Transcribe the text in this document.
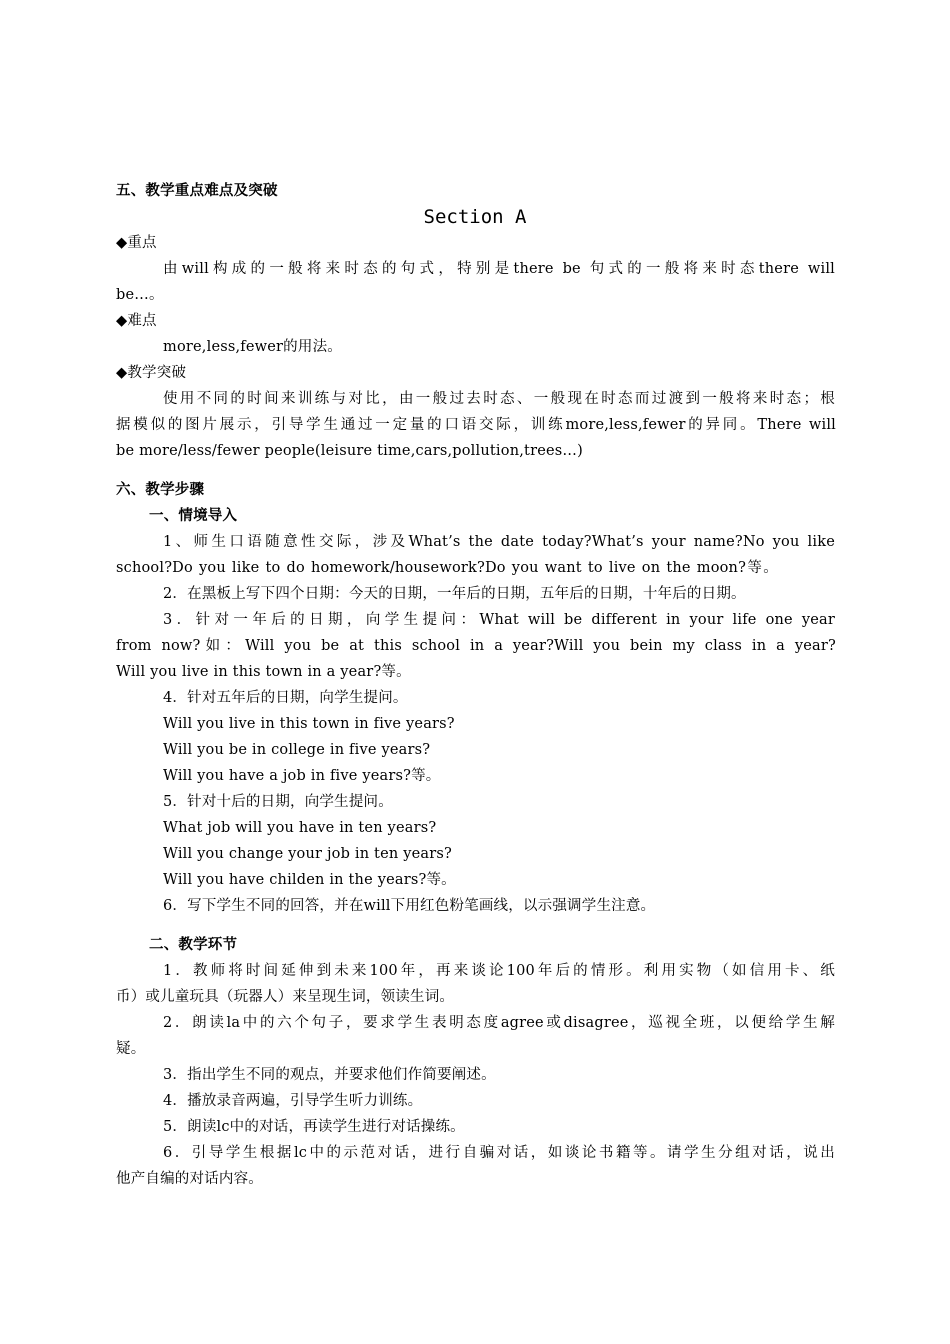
五、教学重点难点及突破
Section A
◆重点
由will构成的一般将来时态的句式，特别是there be 句式的一般将来时态there will
be…。
◆难点
more,less,fewer的用法。
◆教学突破
使用不同的时间来训练与对比，由一般过去时态、一般现在时态而过渡到一般将来时态；根
据模似的图片展示，引导学生通过一定量的口语交际，训练more,less,fewer的异同。There will
be more/less/fewer people(leisure time,cars,pollution,trees…)
六、教学步骤
一、情境导入
1、师生口语随意性交际，涉及What’s the date today?What’s your name?No you like
school?Do you like to do homework/housework?Do you want to live on the moon?等。
2．在黑板上写下四个日期：今天的日期，一年后的日期，五年后的日期，十年后的日期。
3．针对一年后的日期，向学生提问：What will be different in your life one year
from now?如：Will you be at this school in a year?Will you bein my class in a year?
Will you live in this town in a year?等。
4．针对五年后的日期，向学生提问。
Will you live in this town in five years?
Will you be in college in five years?
Will you have a job in five years?等。
5．针对十后的日期，向学生提问。
What job will you have in ten years?
Will you change your job in ten years?
Will you have childen in the years?等。
6．写下学生不同的回答，并在will下用红色粉笔画线，以示强调学生注意。
二、教学环节
1．教师将时间延伸到未来100年，再来谈论100年后的情形。利用实物（如信用卡、纸
币）或儿童玩具（玩器人）来呈现生词，领读生词。
2．朗读la中的六个句子，要求学生表明态度agree或disagree，巡视全班，以便给学生解
疑。
3．指出学生不同的观点，并要求他们作简要阐述。
4．播放录音两遍，引导学生听力训练。
5．朗读lc中的对话，再读学生进行对话操练。
6．引导学生根据lc中的示范对话，进行自骗对话，如谈论书籍等。请学生分组对话，说出
他产自编的对话内容。
